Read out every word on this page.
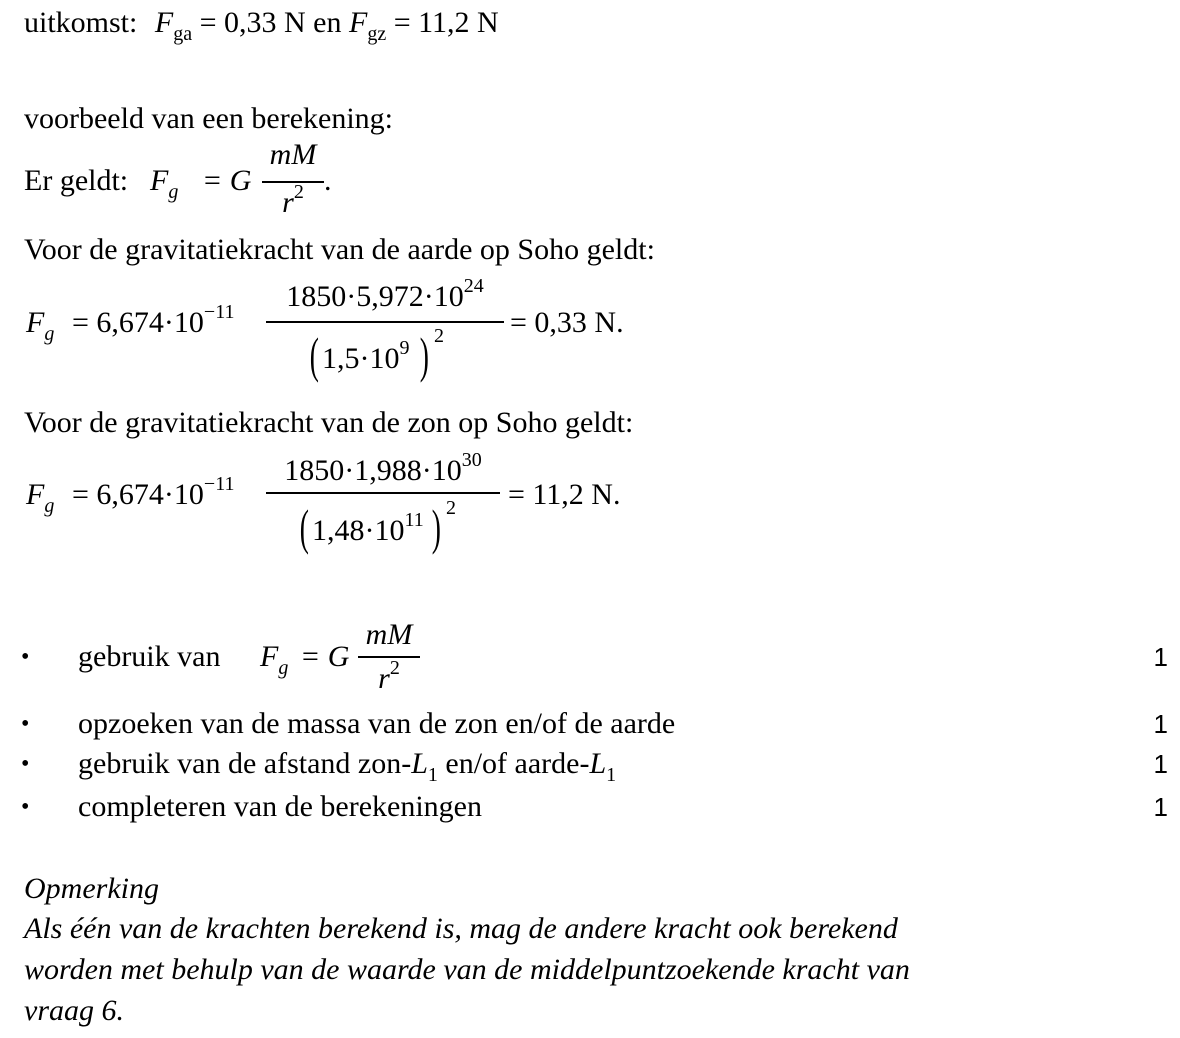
uitkomst: $F_{ga} = 0,33$ N en $F_{gz} = 11,2$ N
voorbeeld van een berekening:
Er geldt: $F_g = G$
mM
$r^2$ .
Voor de gravitatiekracht van de aarde op Soho geldt:
$F_g = 6,674\cdot 10^{-11}$	$1850\cdot 5,972\cdot 10^{24}$
( $1,5\cdot 10^9$ ) 2 = 0,33 N.
Voor de gravitatiekracht van de zon op Soho geldt:
$F_g = 6,674\cdot 10^{-11}$	$1850\cdot 1,988\cdot 10^{30}$
( $1,48\cdot 10^{11}$ ) 2 = 11,2 N.
• gebruik van $F_g = G$
mM
$r^2$	1
• opzoeken van de massa van de zon en/of de aarde	1
• gebruik van de afstand zon-$L_1$ en/of aarde-$L_1$	1
• completeren van de berekeningen	1
Opmerking
Als één van de krachten berekend is, mag de andere kracht ook berekend
worden met behulp van de waarde van de middelpuntzoekende kracht van
vraag 6.
